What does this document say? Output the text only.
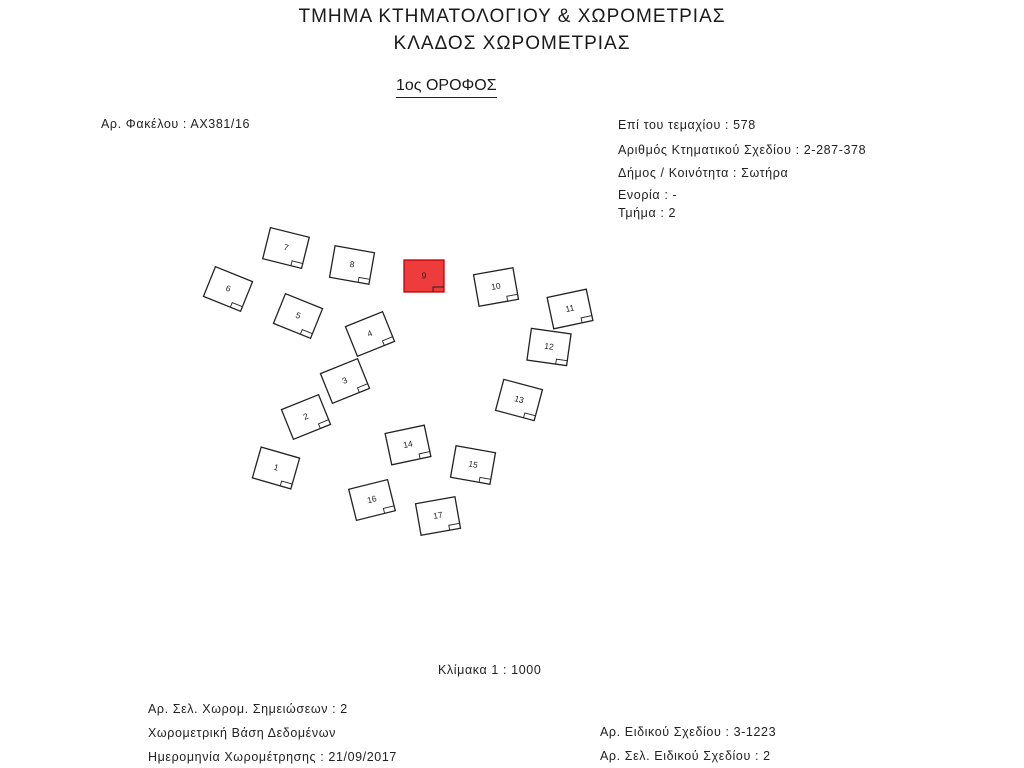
ΤΜΗΜΑ ΚΤΗΜΑΤΟΛΟΓΙΟΥ & ΧΩΡΟΜΕΤΡΙΑΣ
ΚΛΑΔΟΣ ΧΩΡΟΜΕΤΡΙΑΣ
1ος ΟΡΟΦΟΣ
Αρ. Φακέλου : ΑΧ381/16	Επί του τεμαχίου : 578
Αριθμός Κτηματικού Σχεδίου : 2-287-378
Δήμος / Κοινότητα : Σωτήρα
Ενορία : -
Τμήμα : 2
1
2
3
4
5
6
7
8
9
10
11
12
13
14
15
16
17
Κλίμακα 1 : 1000
Αρ. Σελ. Χωρομ. Σημειώσεων : 2
Χωρομετρική Βάση Δεδομένων
Ημερομηνία Χωρομέτρησης : 21/09/2017
Αρ. Ειδικού Σχεδίου : 3-1223
Αρ. Σελ. Ειδικού Σχεδίου : 2
